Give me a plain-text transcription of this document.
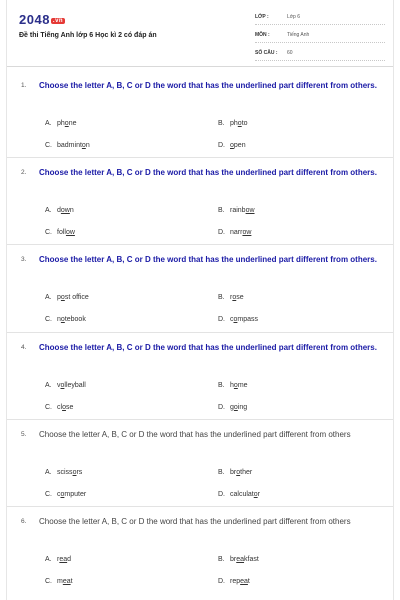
2048 .vn
Đề thi Tiếng Anh lớp 6 Học kì 2 có đáp án
LỚP :	Lớp 6
MÔN :	Tiếng Anh
SỐ CÂU :	60
1. Choose the letter A, B, C or D the word that has the underlined part different from others.
A. phone	B. photo
C. badminton	D. open
2. Choose the letter A, B, C or D the word that has the underlined part different from others.
A. down	B. rainbow
C. follow	D. narrow
3. Choose the letter A, B, C or D the word that has the underlined part different from others.
A. post office	B. rose
C. notebook	D. compass
4. Choose the letter A, B, C or D the word that has the underlined part different from others.
A. volleyball	B. home
C. close	D. going
5. Choose the letter A, B, C or D the word that has the underlined part different from others
A. scissors	B. brother
C. computer	D. calculator
6. Choose the letter A, B, C or D the word that has the underlined part different from others
A. read	B. breakfast
C. meat	D. repeat
